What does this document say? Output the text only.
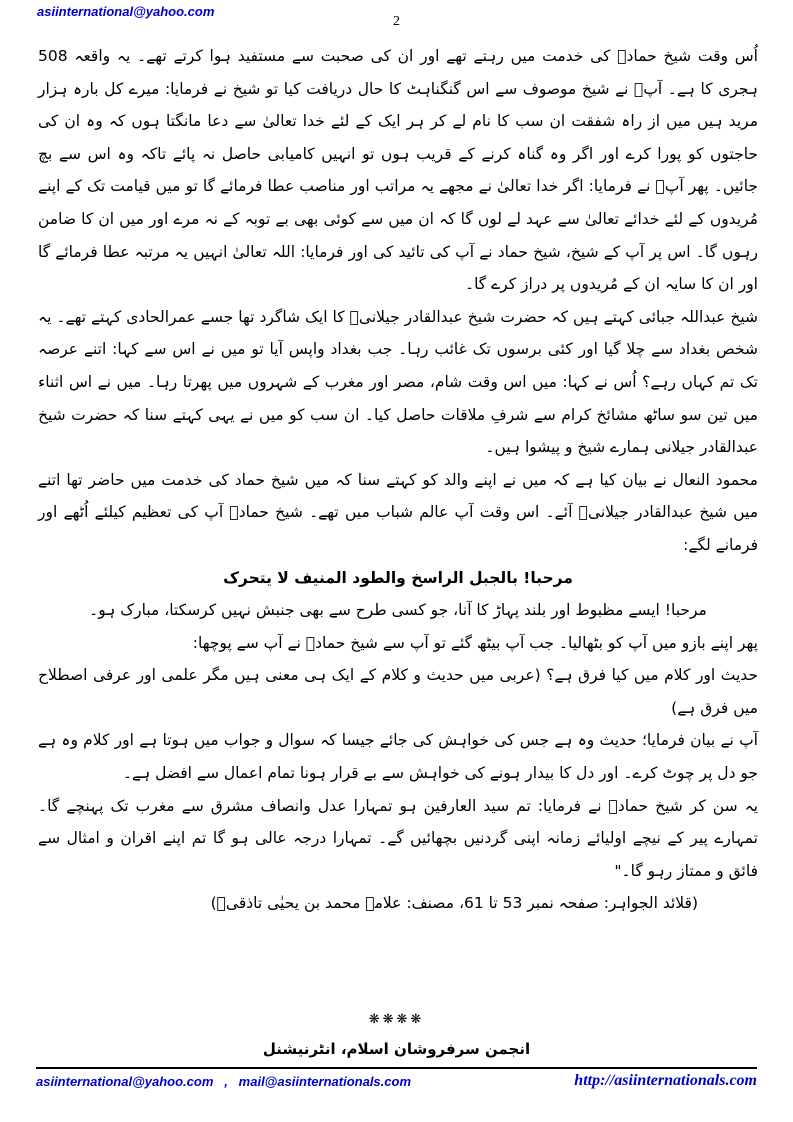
asiinternational@yahoo.com
2

اُس وقت شیخ حمادؒ کی خدمت میں رہتے تھے اور ان کی صحبت سے مستفید ہوا کرتے تھے۔ یہ واقعہ 508 ہجری کا ہے۔ آپؒ نے شیخ موصوف سے اس گنگناہٹ کا حال دریافت کیا تو شیخ نے فرمایا: میرے کل بارہ ہزار مرید ہیں میں از راہ شفقت ان سب کا نام لے کر ہر ایک کے لئے خدا تعالیٰ سے دعا مانگتا ہوں کہ وہ ان کی حاجتوں کو پورا کرے اور اگر وہ گناہ کرنے کے قریب ہوں تو انہیں کامیابی حاصل نہ پائے تاکہ وہ اس سے بچ جائیں۔ پھر آپؒ نے فرمایا: اگر خدا تعالیٰ نے مجھے یہ مراتب اور مناصب عطا فرمائے گا تو میں قیامت تک کے اپنے مُریدوں کے لئے خدائے تعالیٰ سے عہد لے لوں گا کہ ان میں سے کوئی بھی بے توبہ کے نہ مرے اور میں ان کا ضامن رہوں گا۔ اس پر آپ کے شیخ، شیخ حماد نے آپ کی تائید کی اور فرمایا: اللہ تعالیٰ انہیں یہ مرتبہ عطا فرمائے گا اور ان کا سایہ ان کے مُریدوں پر دراز کرے گا۔

شیخ عبداللہ جبائی کہتے ہیں کہ حضرت شیخ عبدالقادر جیلانیؒ کا ایک شاگرد تھا جسے عمرالحادی کہتے تھے۔ یہ شخص بغداد سے چلا گیا اور کئی برسوں تک غائب رہا۔ جب بغداد واپس آیا تو میں نے اس سے کہا: اتنے عرصہ تک تم کہاں رہے؟ اُس نے کہا: میں اس وقت شام، مصر اور مغرب کے شہروں میں پھرتا رہا۔ میں نے اس اثناء میں تین سو ساٹھ مشائخ کرام سے شرفِ ملاقات حاصل کیا۔ ان سب کو میں نے یہی کہتے سنا کہ حضرت شیخ عبدالقادر جیلانی ہمارے شیخ و پیشوا ہیں۔

محمود النعال نے بیان کیا ہے کہ میں نے اپنے والد کو کہتے سنا کہ میں شیخ حماد کی خدمت میں حاضر تھا اتنے میں شیخ عبدالقادر جیلانیؒ آئے۔ اس وقت آپ عالم شباب میں تھے۔ شیخ حمادؒ آپ کی تعظیم کیلئے اُٹھے اور فرمانے لگے:

مرحبا! بالجبل الراسخ والطود المنیف لا یتحرک

مرحبا! ایسے مظبوط اور بلند پہاڑ کا آنا، جو کسی طرح سے بھی جنبش نہیں کرسکتا، مبارک ہو۔

پھر اپنے بازو میں آپ کو بٹھالیا۔ جب آپ بیٹھ گئے تو آپ سے شیخ حمادؒ نے آپ سے پوچھا:

حدیث اور کلام میں کیا فرق ہے؟ (عربی میں حدیث و کلام کے ایک ہی معنی ہیں مگر علمی اور عرفی اصطلاح میں فرق ہے)

آپ نے بیان فرمایا؛ حدیث وہ ہے جس کی خواہش کی جائے جیسا کہ سوال و جواب میں ہوتا ہے اور کلام وہ ہے جو دل پر چوٹ کرے۔ اور دل کا بیدار ہونے کی خواہش سے بے قرار ہونا تمام اعمال سے افضل ہے۔

یہ سن کر شیخ حمادؒ نے فرمایا: تم سید العارفین ہو تمہارا عدل وانصاف مشرق سے مغرب تک پہنچے گا۔ تمہارے پیر کے نیچے اولیائے زمانہ اپنی گردنیں بچھائیں گے۔ تمہارا درجہ عالی ہو گا تم اپنے اقران و امثال سے فائق و ممتاز رہو گا۔"

(قلائد الجواہر: صفحہ نمبر 53 تا 61، مصنف: علامہ محمد بن یحیٰی تاذقیؒ)

❋❋❋❋
انجمن سرفروشان اسلام، انٹرنیشنل
asiinternational@yahoo.com   ,   mail@asiinternationals.com	http://asiinternationals.com
